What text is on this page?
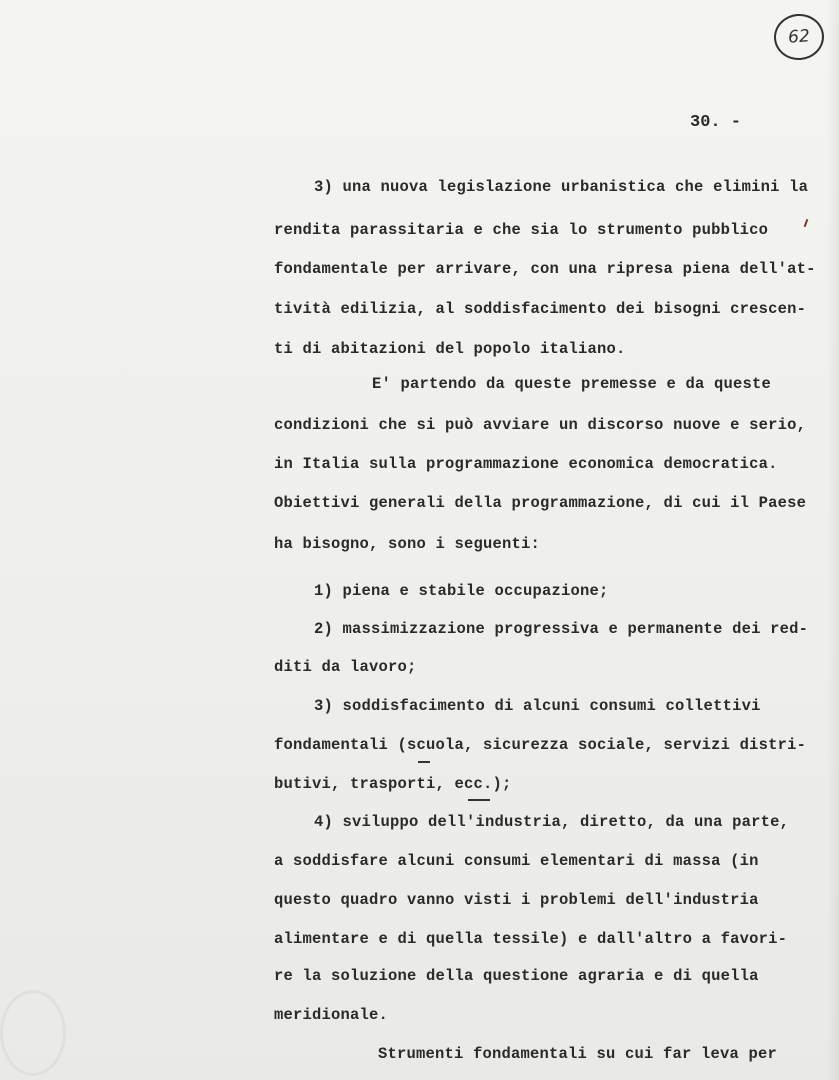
62
30. -
3) una nuova legislazione urbanistica che elimini la
rendita parassitaria e che sia lo strumento pubblico
fondamentale per arrivare, con una ripresa piena dell'at-
tività edilizia, al soddisfacimento dei bisogni crescen-
ti di abitazioni del popolo italiano.
E' partendo da queste premesse e da queste
condizioni che si può avviare un discorso nuove e serio,
in Italia sulla programmazione economica democratica.
Obiettivi generali della programmazione, di cui il Paese
ha bisogno, sono i seguenti:
1) piena e stabile occupazione;
2) massimizzazione progressiva e permanente dei red-
diti da lavoro;
3) soddisfacimento di alcuni consumi collettivi
fondamentali (scuola, sicurezza sociale, servizi distri-
butivi, trasporti, ecc.);
4) sviluppo dell'industria, diretto, da una parte,
a soddisfare alcuni consumi elementari di massa (in
questo quadro vanno visti i problemi dell'industria
alimentare e di quella tessile) e dall'altro a favori-
re la soluzione della questione agraria e di quella
meridionale.
Strumenti fondamentali su cui far leva per
